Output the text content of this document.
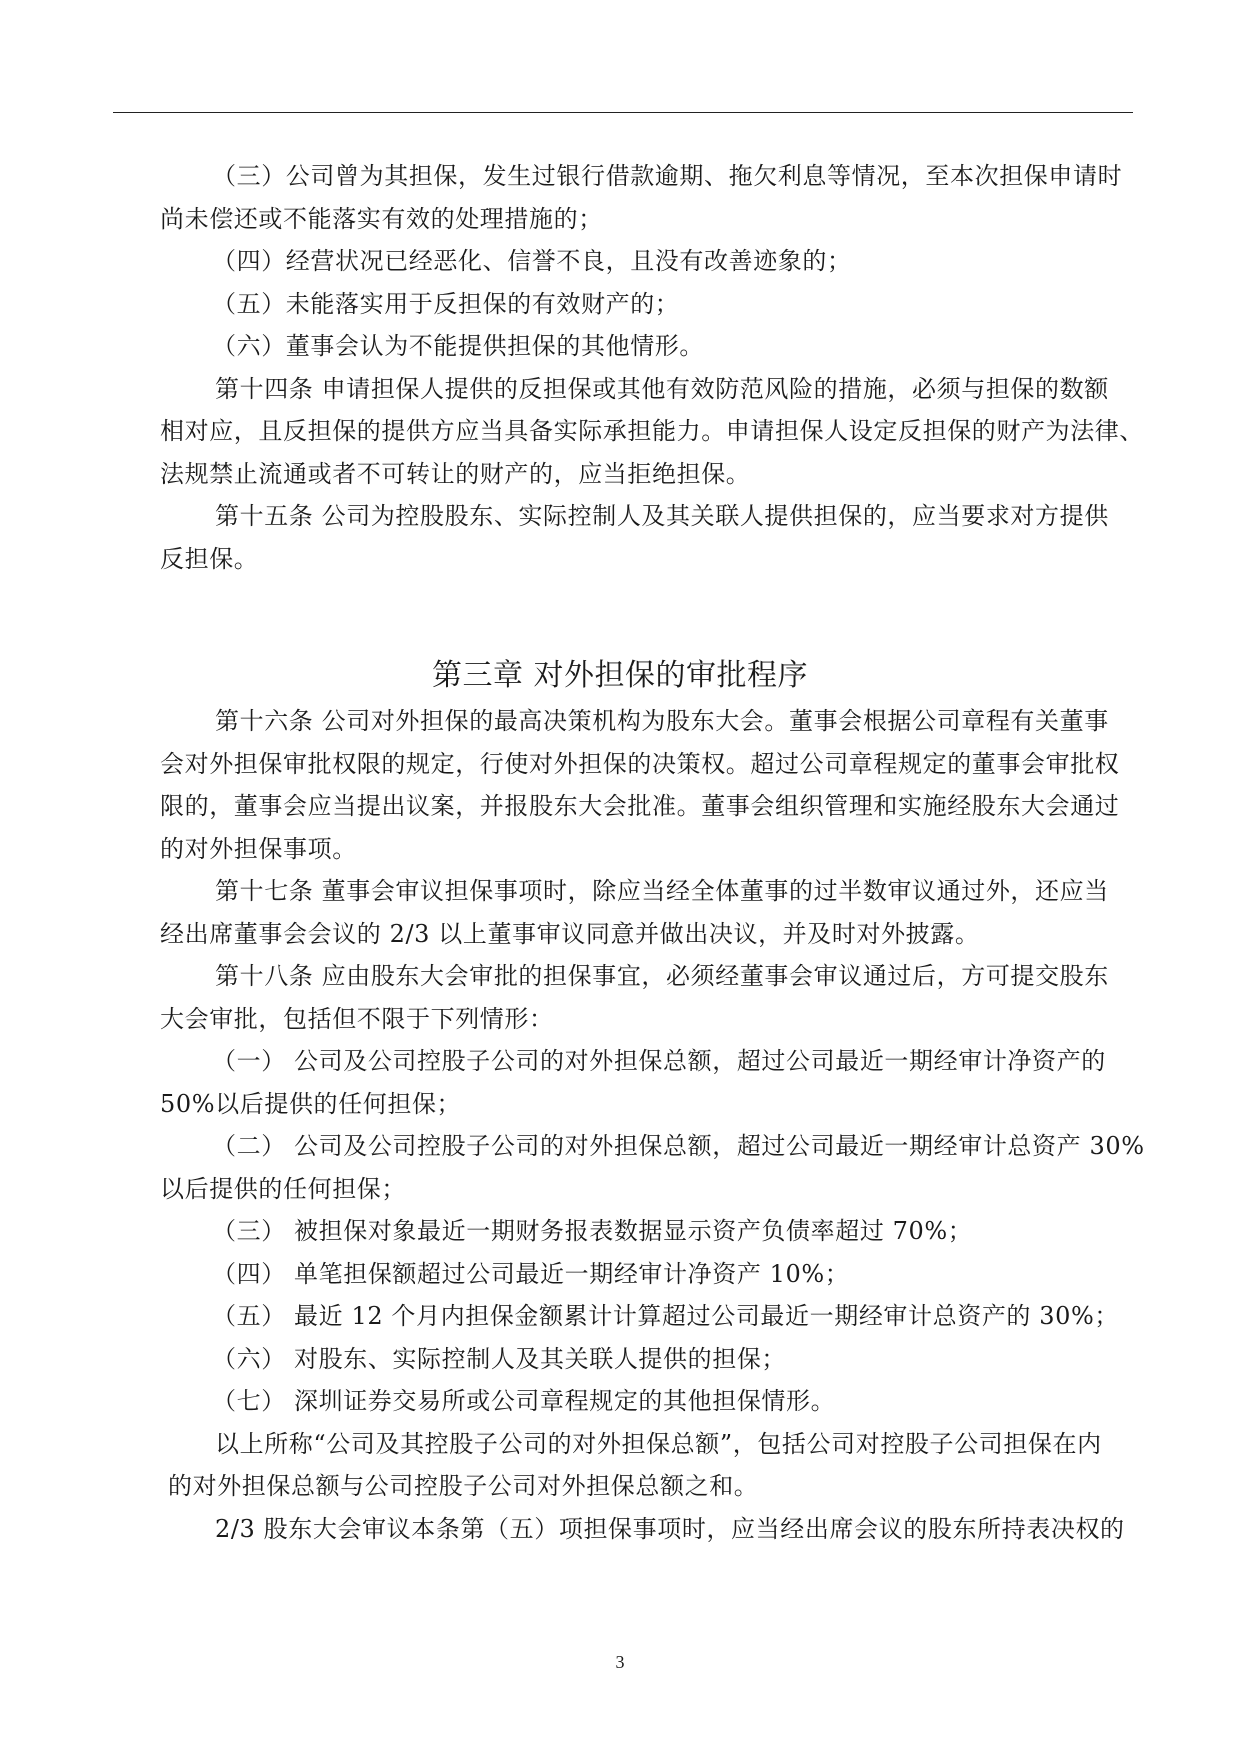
（三）公司曾为其担保，发生过银行借款逾期、拖欠利息等情况，至本次担保申请时

尚未偿还或不能落实有效的处理措施的；

（四）经营状况已经恶化、信誉不良，且没有改善迹象的；

（五）未能落实用于反担保的有效财产的；

（六）董事会认为不能提供担保的其他情形。

第十四条 申请担保人提供的反担保或其他有效防范风险的措施，必须与担保的数额

相对应，且反担保的提供方应当具备实际承担能力。申请担保人设定反担保的财产为法律、

法规禁止流通或者不可转让的财产的，应当拒绝担保。

第十五条 公司为控股股东、实际控制人及其关联人提供担保的，应当要求对方提供

反担保。

第三章 对外担保的审批程序

第十六条 公司对外担保的最高决策机构为股东大会。董事会根据公司章程有关董事

会对外担保审批权限的规定，行使对外担保的决策权。超过公司章程规定的董事会审批权

限的，董事会应当提出议案，并报股东大会批准。董事会组织管理和实施经股东大会通过

的对外担保事项。

第十七条 董事会审议担保事项时，除应当经全体董事的过半数审议通过外，还应当

经出席董事会会议的 2/3 以上董事审议同意并做出决议，并及时对外披露。

第十八条 应由股东大会审批的担保事宜，必须经董事会审议通过后，方可提交股东

大会审批，包括但不限于下列情形：

（一） 公司及公司控股子公司的对外担保总额，超过公司最近一期经审计净资产的

50%以后提供的任何担保；

（二） 公司及公司控股子公司的对外担保总额，超过公司最近一期经审计总资产 30%

以后提供的任何担保；

（三） 被担保对象最近一期财务报表数据显示资产负债率超过 70%；

（四） 单笔担保额超过公司最近一期经审计净资产 10%；

（五） 最近 12 个月内担保金额累计计算超过公司最近一期经审计总资产的 30%；

（六） 对股东、实际控制人及其关联人提供的担保；

（七） 深圳证券交易所或公司章程规定的其他担保情形。

以上所称“公司及其控股子公司的对外担保总额”，包括公司对控股子公司担保在内

的对外担保总额与公司控股子公司对外担保总额之和。

2/3 股东大会审议本条第（五）项担保事项时，应当经出席会议的股东所持表决权的

3
